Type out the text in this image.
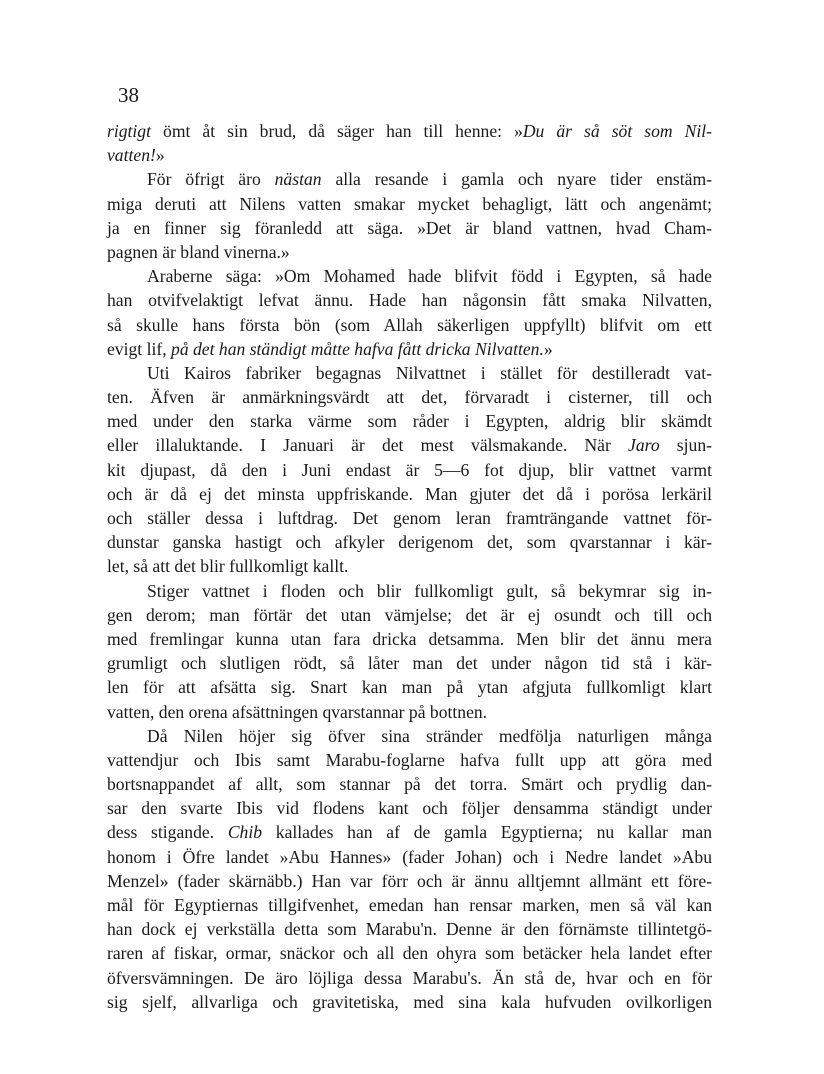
38
rigtigt ömt åt sin brud, då säger han till henne: »Du är så söt som Nil-
vatten!»
För öfrigt äro nästan alla resande i gamla och nyare tider enstäm-
miga deruti att Nilens vatten smakar mycket behagligt, lätt och angenämt;
ja en finner sig föranledd att säga. »Det är bland vattnen, hvad Cham-
pagnen är bland vinerna.»
Araberne säga: »Om Mohamed hade blifvit född i Egypten, så hade
han otvifvelaktigt lefvat ännu. Hade han någonsin fått smaka Nilvatten,
så skulle hans första bön (som Allah säkerligen uppfyllt) blifvit om ett
evigt lif, på det han ständigt måtte hafva fått dricka Nilvatten.»
Uti Kairos fabriker begagnas Nilvattnet i stället för destilleradt vat-
ten. Äfven är anmärkningsvärdt att det, förvaradt i cisterner, till och
med under den starka värme som råder i Egypten, aldrig blir skämdt
eller illaluktande. I Januari är det mest välsmakande. När Jaro sjun-
kit djupast, då den i Juni endast är 5—6 fot djup, blir vattnet varmt
och är då ej det minsta uppfriskande. Man gjuter det då i porösa lerkäril
och ställer dessa i luftdrag. Det genom leran framträngande vattnet för-
dunstar ganska hastigt och afkyler derigenom det, som qvarstannar i kär-
let, så att det blir fullkomligt kallt.
Stiger vattnet i floden och blir fullkomligt gult, så bekymrar sig in-
gen derom; man förtär det utan vämjelse; det är ej osundt och till och
med fremlingar kunna utan fara dricka detsamma. Men blir det ännu mera
grumligt och slutligen rödt, så låter man det under någon tid stå i kär-
len för att afsätta sig. Snart kan man på ytan afgjuta fullkomligt klart
vatten, den orena afsättningen qvarstannar på bottnen.
Då Nilen höjer sig öfver sina stränder medfölja naturligen många
vattendjur och Ibis samt Marabu-foglarne hafva fullt upp att göra med
bortsnappandet af allt, som stannar på det torra. Smärt och prydlig dan-
sar den svarte Ibis vid flodens kant och följer densamma ständigt under
dess stigande. Chib kallades han af de gamla Egyptierna; nu kallar man
honom i Öfre landet »Abu Hannes» (fader Johan) och i Nedre landet »Abu
Menzel» (fader skärnäbb.) Han var förr och är ännu alltjemnt allmänt ett före-
mål för Egyptiernas tillgifvenhet, emedan han rensar marken, men så väl kan
han dock ej verkställa detta som Marabu'n. Denne är den förnämste tillintetgö-
raren af fiskar, ormar, snäckor och all den ohyra som betäcker hela landet efter
öfversvämningen. De äro löjliga dessa Marabu's. Än stå de, hvar och en för
sig sjelf, allvarliga och gravitetiska, med sina kala hufvuden ovilkorligen
